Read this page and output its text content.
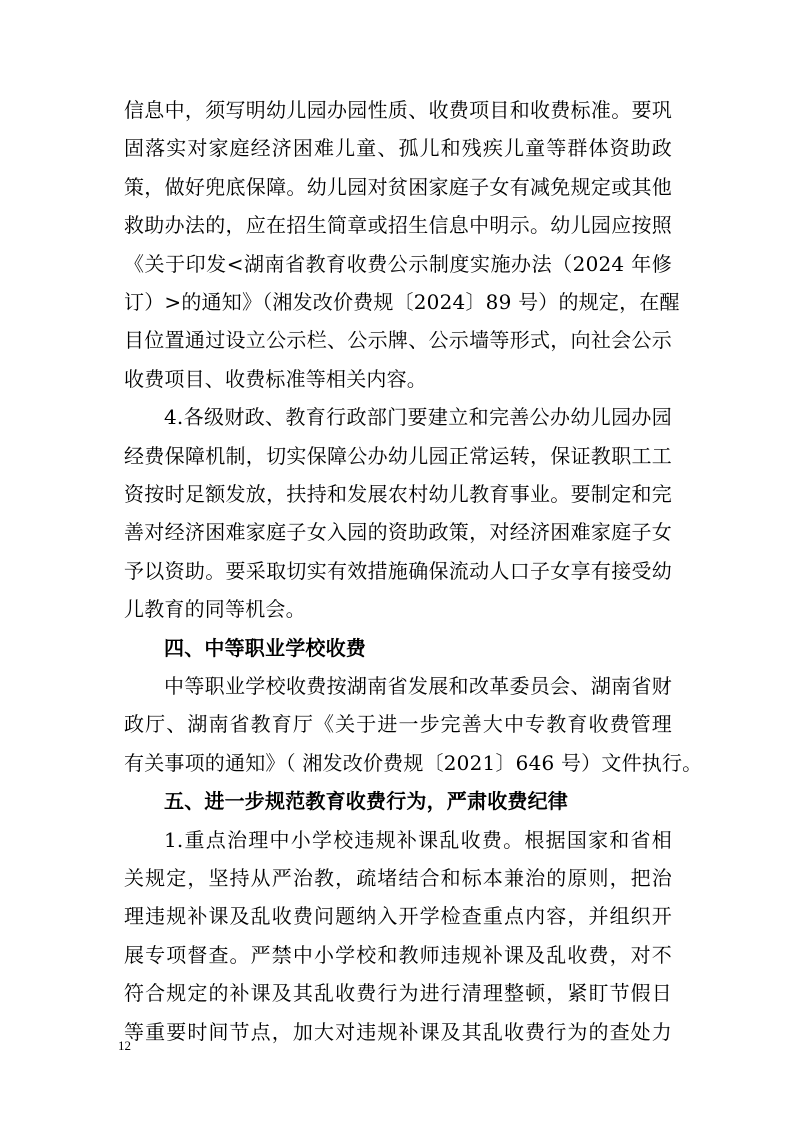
信息中，须写明幼儿园办园性质、收费项目和收费标准。要巩
固落实对家庭经济困难儿童、孤儿和残疾儿童等群体资助政
策，做好兜底保障。幼儿园对贫困家庭子女有减免规定或其他
救助办法的，应在招生简章或招生信息中明示。幼儿园应按照
《关于印发<湖南省教育收费公示制度实施办法（2024 年修
订）>的通知》（湘发改价费规〔2024〕89 号）的规定，在醒
目位置通过设立公示栏、公示牌、公示墙等形式，向社会公示
收费项目、收费标准等相关内容。
4.各级财政、教育行政部门要建立和完善公办幼儿园办园
经费保障机制，切实保障公办幼儿园正常运转，保证教职工工
资按时足额发放，扶持和发展农村幼儿教育事业。要制定和完
善对经济困难家庭子女入园的资助政策，对经济困难家庭子女
予以资助。要采取切实有效措施确保流动人口子女享有接受幼
儿教育的同等机会。
四、中等职业学校收费
中等职业学校收费按湖南省发展和改革委员会、湖南省财
政厅、湖南省教育厅《关于进一步完善大中专教育收费管理
有关事项的通知》（ 湘发改价费规〔2021〕646 号）文件执行。
五、进一步规范教育收费行为，严肃收费纪律
1.重点治理中小学校违规补课乱收费。根据国家和省相
关规定，坚持从严治教，疏堵结合和标本兼治的原则，把治
理违规补课及乱收费问题纳入开学检查重点内容，并组织开
展专项督查。严禁中小学校和教师违规补课及乱收费，对不
符合规定的补课及其乱收费行为进行清理整顿，紧盯节假日
等重要时间节点，加大对违规补课及其乱收费行为的查处力
12
